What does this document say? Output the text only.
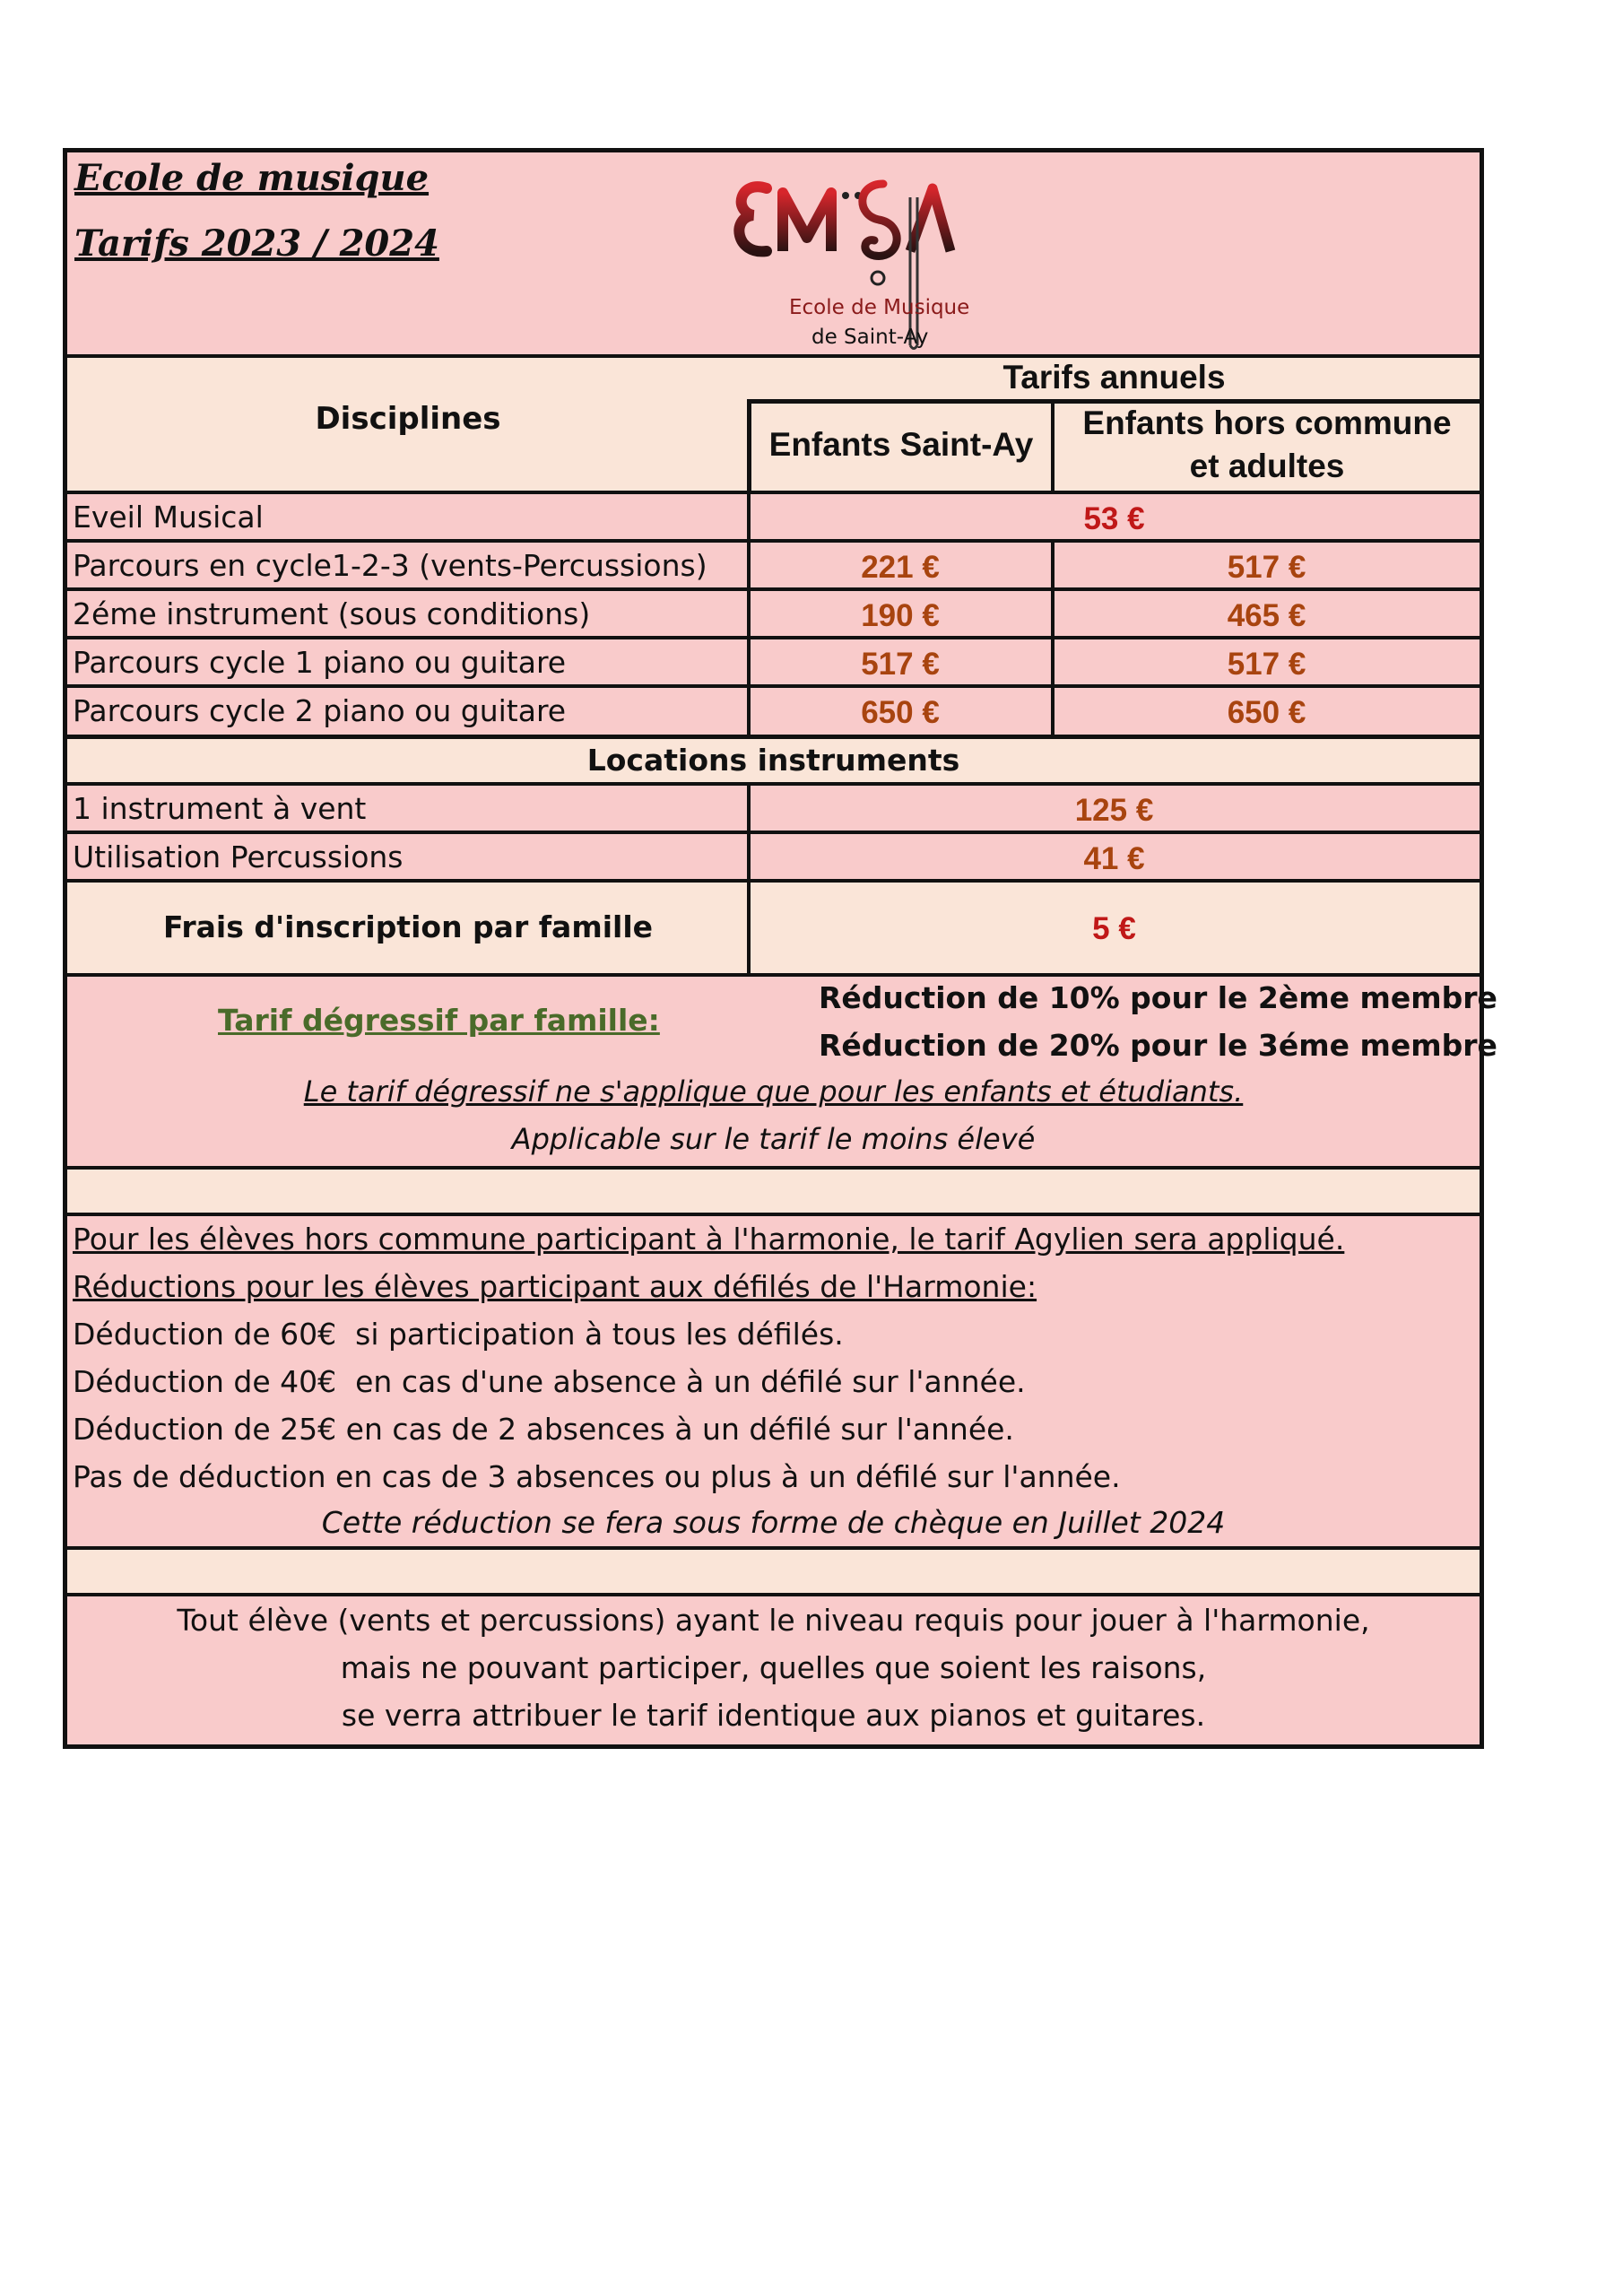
Ecole de musique
Tarifs 2023 / 2024
Ecole de Musique
de Saint-Ay
Disciplines
Tarifs annuels
Enfants Saint-Ay
Enfants hors commune
et adultes
Eveil Musical	53 €
Parcours en cycle1-2-3 (vents-Percussions)	221 €	517 €
2éme instrument (sous conditions)	190 €	465 €
Parcours cycle 1 piano ou guitare	517 €	517 €
Parcours cycle 2 piano ou guitare	650 €	650 €
Locations instruments
1 instrument à vent	125 €
Utilisation Percussions	41 €
Frais d'inscription par famille	5 €
Tarif dégressif par famille:
Réduction de 10% pour le 2ème membre
Réduction de 20% pour le 3éme membre
Le tarif dégressif ne s'applique que pour les enfants et étudiants.
Applicable sur le tarif le moins élevé
Pour les élèves hors commune participant à l'harmonie, le tarif Agylien sera appliqué.
Réductions pour les élèves participant aux défilés de l'Harmonie:
Déduction de 60€  si participation à tous les défilés.
Déduction de 40€  en cas d'une absence à un défilé sur l'année.
Déduction de 25€ en cas de 2 absences à un défilé sur l'année.
Pas de déduction en cas de 3 absences ou plus à un défilé sur l'année.
Cette réduction se fera sous forme de chèque en Juillet 2024
Tout élève (vents et percussions) ayant le niveau requis pour jouer à l'harmonie,
mais ne pouvant participer, quelles que soient les raisons,
se verra attribuer le tarif identique aux pianos et guitares.
